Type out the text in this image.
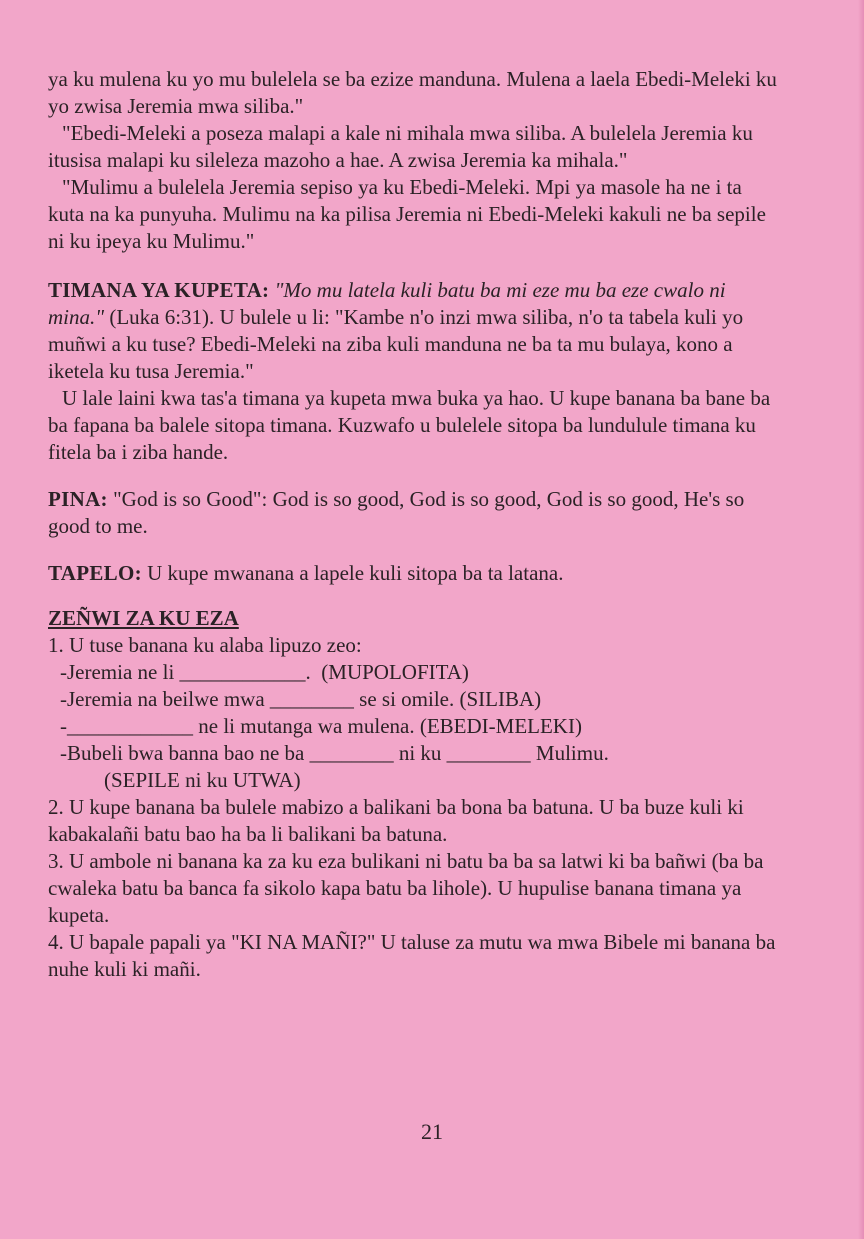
ya ku mulena ku yo mu bulelela se ba ezize manduna. Mulena a laela Ebedi-Meleki ku yo zwisa Jeremia mwa siliba."

"Ebedi-Meleki a poseza malapi a kale ni mihala mwa siliba. A bulelela Jeremia ku itusisa malapi ku sileleza mazoho a hae. A zwisa Jeremia ka mihala."

"Mulimu a bulelela Jeremia sepiso ya ku Ebedi-Meleki. Mpi ya masole ha ne i ta kuta na ka punyuha. Mulimu na ka pilisa Jeremia ni Ebedi-Meleki kakuli ne ba sepile ni ku ipeya ku Mulimu."

TIMANA YA KUPETA: "Mo mu latela kuli batu ba mi eze mu ba eze cwalo ni mina." (Luka 6:31). U bulele u li: "Kambe n'o inzi mwa siliba, n'o ta tabela kuli yo muñwi a ku tuse? Ebedi-Meleki na ziba kuli manduna ne ba ta mu bulaya, kono a iketela ku tusa Jeremia."

U lale laini kwa tas'a timana ya kupeta mwa buka ya hao. U kupe banana ba bane ba ba fapana ba balele sitopa timana. Kuzwafo u bulelele sitopa ba lundulule timana ku fitela ba i ziba hande.

PINA: "God is so Good": God is so good, God is so good, God is so good, He's so good to me.

TAPELO: U kupe mwanana a lapele kuli sitopa ba ta latana.

ZEÑWI ZA KU EZA

1. U tuse banana ku alaba lipuzo zeo:

-Jeremia ne li ____________.  (MUPOLOFITA)

-Jeremia na beilwe mwa ________ se si omile. (SILIBA)

-____________ ne li mutanga wa mulena. (EBEDI-MELEKI)

-Bubeli bwa banna bao ne ba ________ ni ku ________ Mulimu.

(SEPILE ni ku UTWA)

2. U kupe banana ba bulele mabizo a balikani ba bona ba batuna. U ba buze kuli ki kabakalañi batu bao ha ba li balikani ba batuna.

3. U ambole ni banana ka za ku eza bulikani ni batu ba ba sa latwi ki ba bañwi (ba ba cwaleka batu ba banca fa sikolo kapa batu ba lihole). U hupulise banana timana ya kupeta.

4. U bapale papali ya "KI NA MAÑI?" U taluse za mutu wa mwa Bibele mi banana ba nuhe kuli ki mañi.

21
